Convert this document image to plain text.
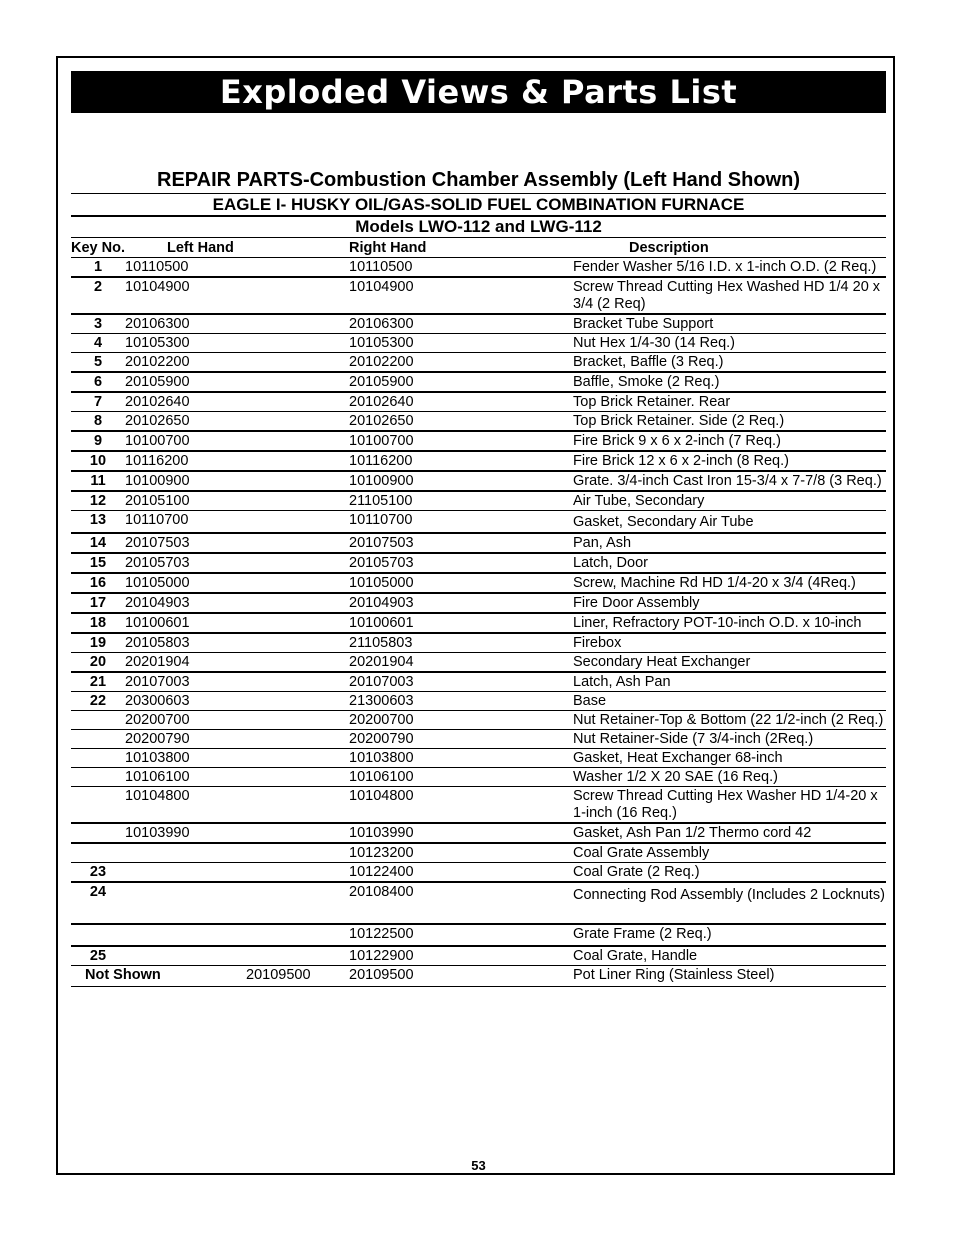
Exploded Views & Parts List
REPAIR PARTS-Combustion Chamber Assembly (Left Hand Shown)
EAGLE I- HUSKY OIL/GAS-SOLID FUEL COMBINATION FURNACE
Models LWO-112 and LWG-112
Key No.	Left Hand	Right Hand	Description
1	10110500	10110500	Fender Washer 5/16 I.D. x 1-inch O.D. (2 Req.)
2	10104900	10104900	Screw Thread Cutting Hex Washed HD 1/4 20 x 3/4 (2 Req)
3	20106300	20106300	Bracket Tube Support
4	10105300	10105300	Nut Hex 1/4-30 (14 Req.)
5	20102200	20102200	Bracket, Baffle (3 Req.)
6	20105900	20105900	Baffle, Smoke (2 Req.)
7	20102640	20102640	Top Brick Retainer. Rear
8	20102650	20102650	Top Brick Retainer. Side (2 Req.)
9	10100700	10100700	Fire Brick 9 x 6 x 2-inch (7 Req.)
10	10116200	10116200	Fire Brick 12 x 6 x 2-inch (8 Req.)
11	10100900	10100900	Grate. 3/4-inch Cast Iron 15-3/4 x 7-7/8 (3 Req.)
12	20105100	21105100	Air Tube, Secondary
13	10110700	10110700	Gasket, Secondary Air Tube
14	20107503	20107503	Pan, Ash
15	20105703	20105703	Latch, Door
16	10105000	10105000	Screw, Machine Rd HD 1/4-20 x 3/4 (4Req.)
17	20104903	20104903	Fire Door Assembly
18	10100601	10100601	Liner, Refractory POT-10-inch O.D. x 10-inch
19	20105803	21105803	Firebox
20	20201904	20201904	Secondary Heat Exchanger
21	20107003	20107003	Latch, Ash Pan
22	20300603	21300603	Base
	20200700	20200700	Nut Retainer-Top & Bottom (22 1/2-inch (2 Req.)
	20200790	20200790	Nut Retainer-Side (7 3/4-inch (2Req.)
	10103800	10103800	Gasket, Heat Exchanger 68-inch
	10106100	10106100	Washer 1/2 X 20 SAE (16 Req.)
	10104800	10104800	Screw Thread Cutting Hex Washer HD 1/4-20 x 1-inch (16 Req.)
	10103990	10103990	Gasket, Ash Pan 1/2 Thermo cord 42
		10123200	Coal Grate Assembly
23		10122400	Coal Grate (2 Req.)
24		20108400	Connecting Rod Assembly (Includes 2 Locknuts)
		10122500	Grate Frame (2 Req.)
25		10122900	Coal Grate, Handle
Not Shown	20109500	20109500	Pot Liner Ring (Stainless Steel)
53
